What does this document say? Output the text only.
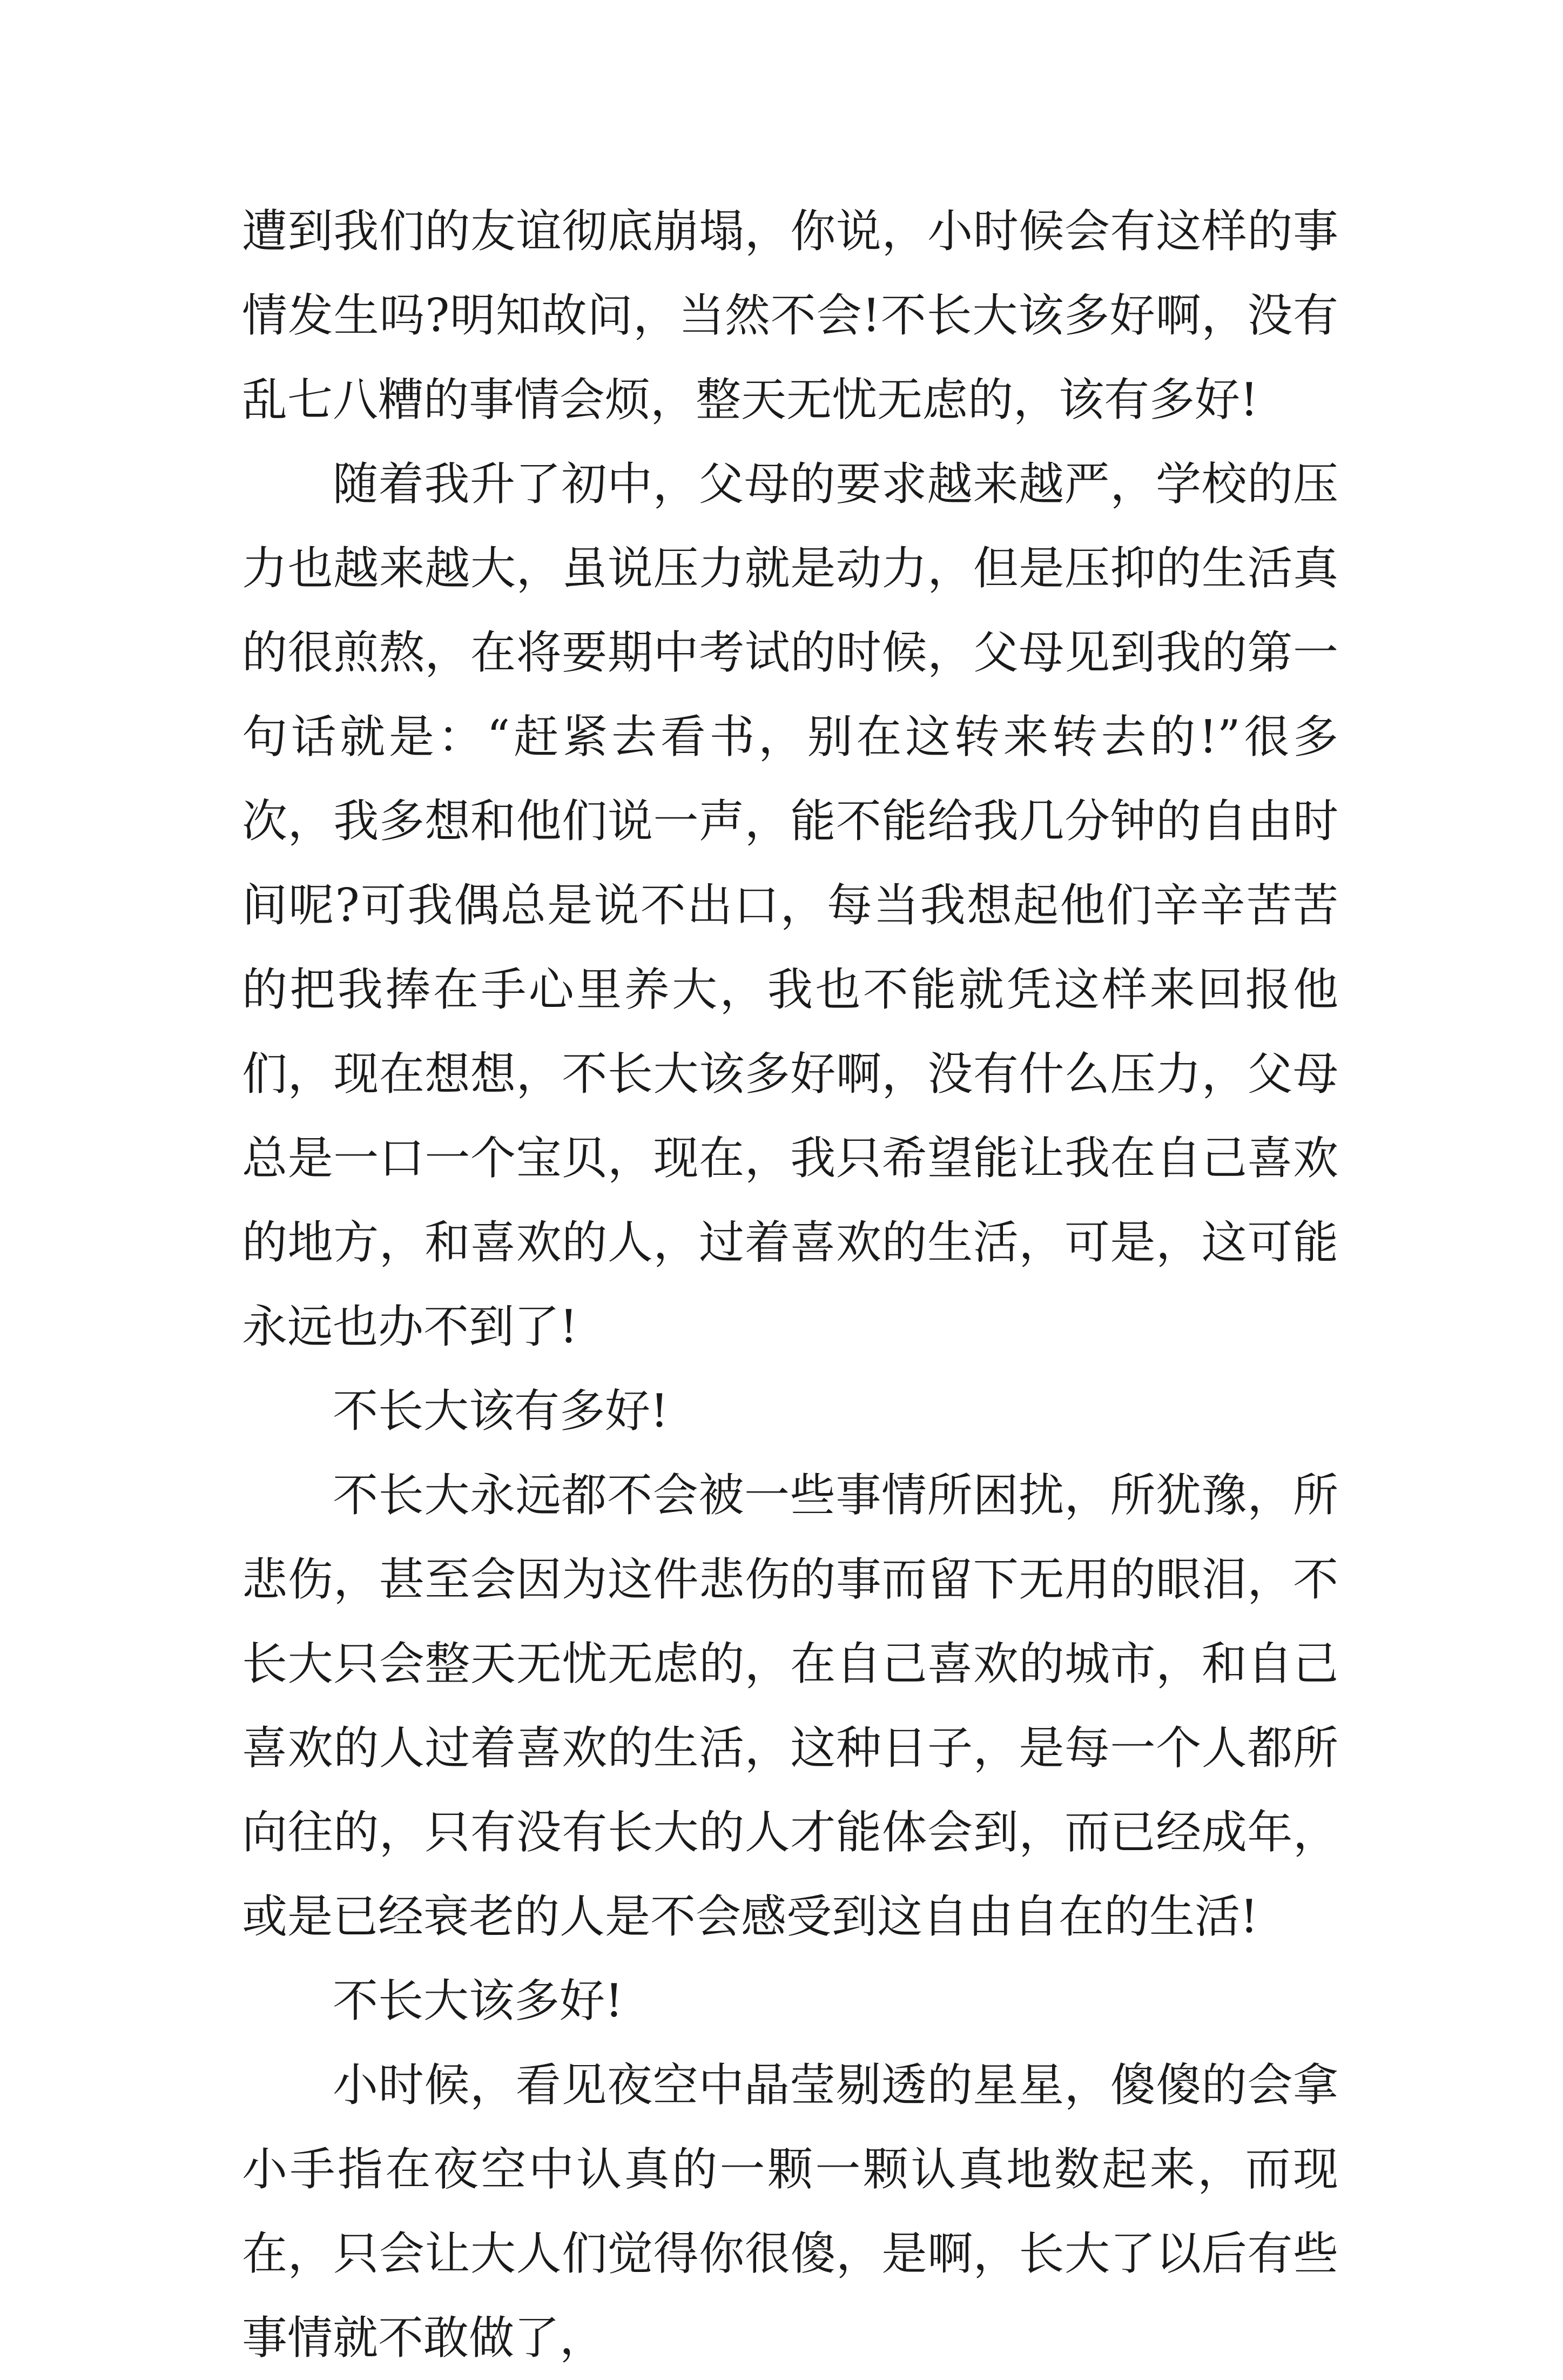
遭到我们的友谊彻底崩塌，你说，小时候会有这样的事情发生吗?明知故问，当然不会!不长大该多好啊，没有乱七八糟的事情会烦，整天无忧无虑的，该有多好!

随着我升了初中，父母的要求越来越严，学校的压力也越来越大，虽说压力就是动力，但是压抑的生活真的很煎熬，在将要期中考试的时候，父母见到我的第一句话就是：“赶紧去看书，别在这转来转去的!”很多次，我多想和他们说一声，能不能给我几分钟的自由时间呢?可我偶总是说不出口，每当我想起他们辛辛苦苦的把我捧在手心里养大，我也不能就凭这样来回报他们，现在想想，不长大该多好啊，没有什么压力，父母总是一口一个宝贝，现在，我只希望能让我在自己喜欢的地方，和喜欢的人，过着喜欢的生活，可是，这可能永远也办不到了!

不长大该有多好!

不长大永远都不会被一些事情所困扰，所犹豫，所悲伤，甚至会因为这件悲伤的事而留下无用的眼泪，不长大只会整天无忧无虑的，在自己喜欢的城市，和自己喜欢的人过着喜欢的生活，这种日子，是每一个人都所向往的，只有没有长大的人才能体会到，而已经成年，或是已经衰老的人是不会感受到这自由自在的生活!

不长大该多好!

小时候，看见夜空中晶莹剔透的星星，傻傻的会拿小手指在夜空中认真的一颗一颗认真地数起来，而现在，只会让大人们觉得你很傻，是啊，长大了以后有些事情就不敢做了，
